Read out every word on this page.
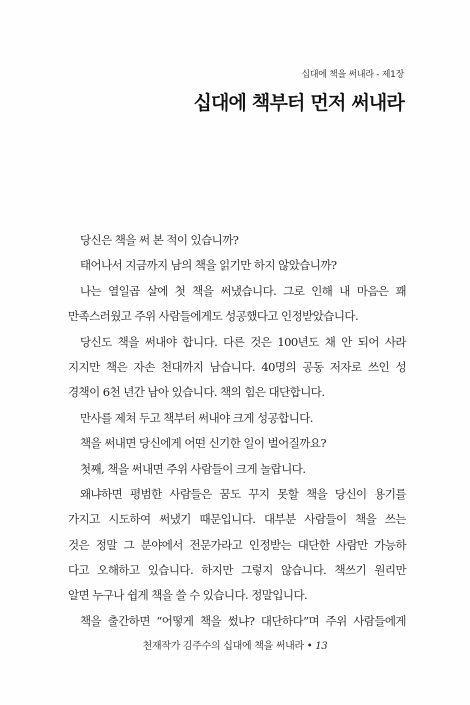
십대에 책을 써내라 - 제1장
십대에 책부터 먼저 써내라
당신은 책을 써 본 적이 있습니까?
태어나서 지금까지 남의 책을 읽기만 하지 않았습니까?
나는 열일곱 살에 첫 책을 써냈습니다. 그로 인해 내 마음은 꽤
만족스러웠고 주위 사람들에게도 성공했다고 인정받았습니다.
당신도 책을 써내야 합니다. 다른 것은 100년도 채 안 되어 사라
지지만 책은 자손 천대까지 남습니다. 40명의 공동 저자로 쓰인 성
경책이 6천 년간 남아 있습니다. 책의 힘은 대단합니다.
만사를 제쳐 두고 책부터 써내야 크게 성공합니다.
책을 써내면 당신에게 어떤 신기한 일이 벌어질까요?
첫째, 책을 써내면 주위 사람들이 크게 놀랍니다.
왜냐하면 평범한 사람들은 꿈도 꾸지 못할 책을 당신이 용기를
가지고 시도하여 써냈기 때문입니다. 대부분 사람들이 책을 쓰는
것은 정말 그 분야에서 전문가라고 인정받는 대단한 사람만 가능하
다고 오해하고 있습니다. 하지만 그렇지 않습니다. 책쓰기 원리만
알면 누구나 쉽게 책을 쓸 수 있습니다. 정말입니다.
책을 출간하면 “어떻게 책을 썼냐? 대단하다”며 주위 사람들에게
천재작가 김주수의 십대에 책을 써내라 • 13
